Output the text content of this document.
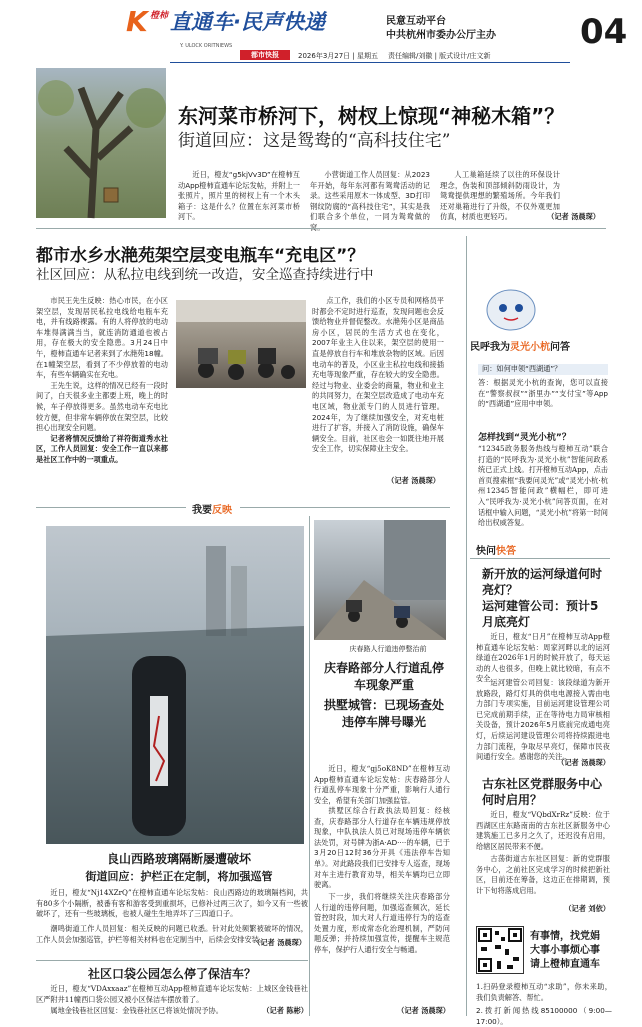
K 橙柿 直通车·民声快递	民意互动平台
中共杭州市委办公厅主办 04
Y. ULOCK ORITNIEWS
都市快报	2026年3月27日 | 星期五 责任编辑/刘徽 | 版式设计/庄文新
东河菜市桥河下，树杈上惊现“神秘木箱”？
街道回应：这是鸳鸯的“高科技住宅”

近日，橙友“g5kjVv3D”在橙柿互动App橙柿直通车论坛发帖，并附上一张照片，照片里的树杈上有一个木头箱子：这是什么？位置在东河菜市桥河下。

小营街道工作人员回复：从2023年开始，每年东河都有鸳鸯活动的记录。这些采用原木一体成型、3D打印钢纹防腐的“高科技住宅”，其实是我们联合多个单位，一同为鸳鸯做的

人工巢箱延续了以往的环保设计理念，伪装和顶部倾斜防雨设计，为鸳鸯提供理想的繁殖场所。今年我们还对巢箱进行了升级，不仅外观更加仿真，材质也更轻巧。	（记者 汤晨琛）
都市水乡水滟苑架空层变电瓶车“充电区”？
社区回应：从私拉电线到统一改造，安全巡查持续进行中

市民王先生反映：热心市民，在小区架空层，发现居民私拉电线给电瓶车充电，并有线路裸露。有的人将停放的电动车堆得满满当当，就连消防通道也被占用，存在极大的安全隐患。3月24日中午，橙柿直通车记者来到了水滟苑18幢。在1幢架空层，看到了不少停放着的电动车，有些车辆确实在充电。

王先生说，这样的情况已经有一段时间了，白天很多业主都要上班，晚上的时候，车子停放得更多。虽然电动车充电比较方便，但非常车辆停放在架空层，比较担心出现安全问题。

记者将情况反馈给了祥符街道秀水社区，工作人员回复：安全工作一直以来都是社区工作中的一项重点。

点工作，我们的小区专员和网格员平时都会不定时进行巡查，发现问题也会反馈给物业并督促整改。水滟苑小区是商品房小区，居民的生活方式也在变化，2007年业主入住以来，架空层的使用一直是停放自行车和堆放杂物的区域。后因电动车的普及，小区业主私拉电线和接插充电等现象严重，存在较大的安全隐患。经过与物业、业委会的商量，物业和业主的共同努力，在架空层改造成了电动车充电区域，物业派专门的人员进行管理。2024年，为了继续加强安全，对充电桩进行了扩容，并接入了消防设施，确保车辆安全。目前，社区也会一如既往地开展安全工作，切实保障业主安全。

（记者 汤晨琛）
民呼我为灵光小杭问答
问：如何申领“西湖通”？
答：根据灵光小杭的查询，您可以直接在“警察叔叔”“浙里办”“支付宝”等App的“西湖通”应用中申领。
怎样找到“灵光小杭”？
“12345政务服务热线与橙柿互动”联合打造的“民呼我为·灵光小杭”智能问政系统已正式上线。打开橙柿互动App，点击首页搜索框“我要问灵光”或“灵光小杭·杭州12345智能问政”横幅栏，即可进入“民呼我为·灵光小杭”问答页面，在对话框中输入问题，“灵光小杭”将第一时间给出权威答复。
我要反映
良山西路玻璃隔断屡遭破坏
街道回应：护栏正在定制，将加强巡管

近日，橙友“Nj14XZrQ”在橙柿直通车论坛发帖：良山西路边的玻璃隔档间，共有80多个小隔断，被番有客和游客受到重损坏，已修补过两三次了，如今又有一些被破坏了，还有一些玻璃板，也被人碰生生地弄坏了三四道口子。

潮鸣街道工作人员回复：相关反映的问题已收悉。针对此处频繁被破坏的情况，工作人员会加强巡管，护栏等相关材料也在定制当中，后续会安排安装。

（记者 汤晨琛）
庆春路人行道违停整治前
庆春路部分人行道乱停车现象严重
拱墅城管：已现场查处违停车牌号曝光

近日，橙友“gj5oK8ND”在橙柿互动App橙柿直通车论坛发帖：庆春路部分人行道乱停车现象十分严重，影响行人通行安全，希望有关部门加强监管。

拱墅区综合行政执法局回复：经核查，庆春路部分人行道存在车辆违规停放现象，中队执法人员已对现场违停车辆依法处罚，对号牌为浙A·AD····的车辆，已于3月20日12时36分开具《违法停车告知单》。对此路段我们已安排专人巡查，现场对车主进行教育劝导，相关车辆均已立即驶离。

下一步，我们将继续关注庆春路部分人行道的违停问题，加强巡查频次，延长管控时段，加大对人行道违停行为的巡查处置力度，形成常态化治理机制，严防问题反弹；并持续加强宣传，提醒车主规范停车，保护行人通行安全与畅通。

（记者 汤晨琛）
社区口袋公园怎么停了保洁车？

近日，橙友“VDAxxaaz”在橙柿互动App橙柿直通车论坛发帖：上城区金钱巷社区严附井11幢西口袋公园又被小区保洁车摆放着了。

属地金钱巷社区回复：金钱巷社区已将该处情况予协。	（记者 陈彬）
快问快答
新开放的运河绿道何时亮灯？
运河建管公司：预计5月底亮灯

近日，橙友“日月”在橙柿互动App橙柿直通车论坛发帖：周家河畔以北的运河绿道在2026年1月的时候开放了，每天运动的人也很多，但晚上就比较暗，有点不安全。

运河建管公司回复：该段绿道为新开放路段，路灯灯具的供电电源接入需由电力部门专项实施，目前运河建设管理公司已完成前期手续，正在等待电力局审核相关设备，预计2026年5月底前完成通电亮灯，后续运河建设管理公司将持续跟进电力部门流程，争取尽早亮灯，保障市民夜间通行安全。感谢您的关注。

（记者 汤晨琛）
古东社区党群服务中心何时启用？

近日，橙友“VQbdXrRz”反映：位于西湖区庄东路南南的古东社区新服务中心建筑施工已多月之久了，还迟没有启用，给辖区居民带来不便。

古荡街道古东社区回复：新的党群服务中心，之前社区完成学习的时候把新社区，目前还在筹备，这边正在排期调，预计下旬将落成启用。

（记者 刘依）
有事情，找党娟
大事小事烦心事
请上橙柿直通车
1.扫码登录橙柿互动“求助”，你未来助，我们负责解答、帮忙。
2.拨打新闻热线85100000（9:00—17:00）。
